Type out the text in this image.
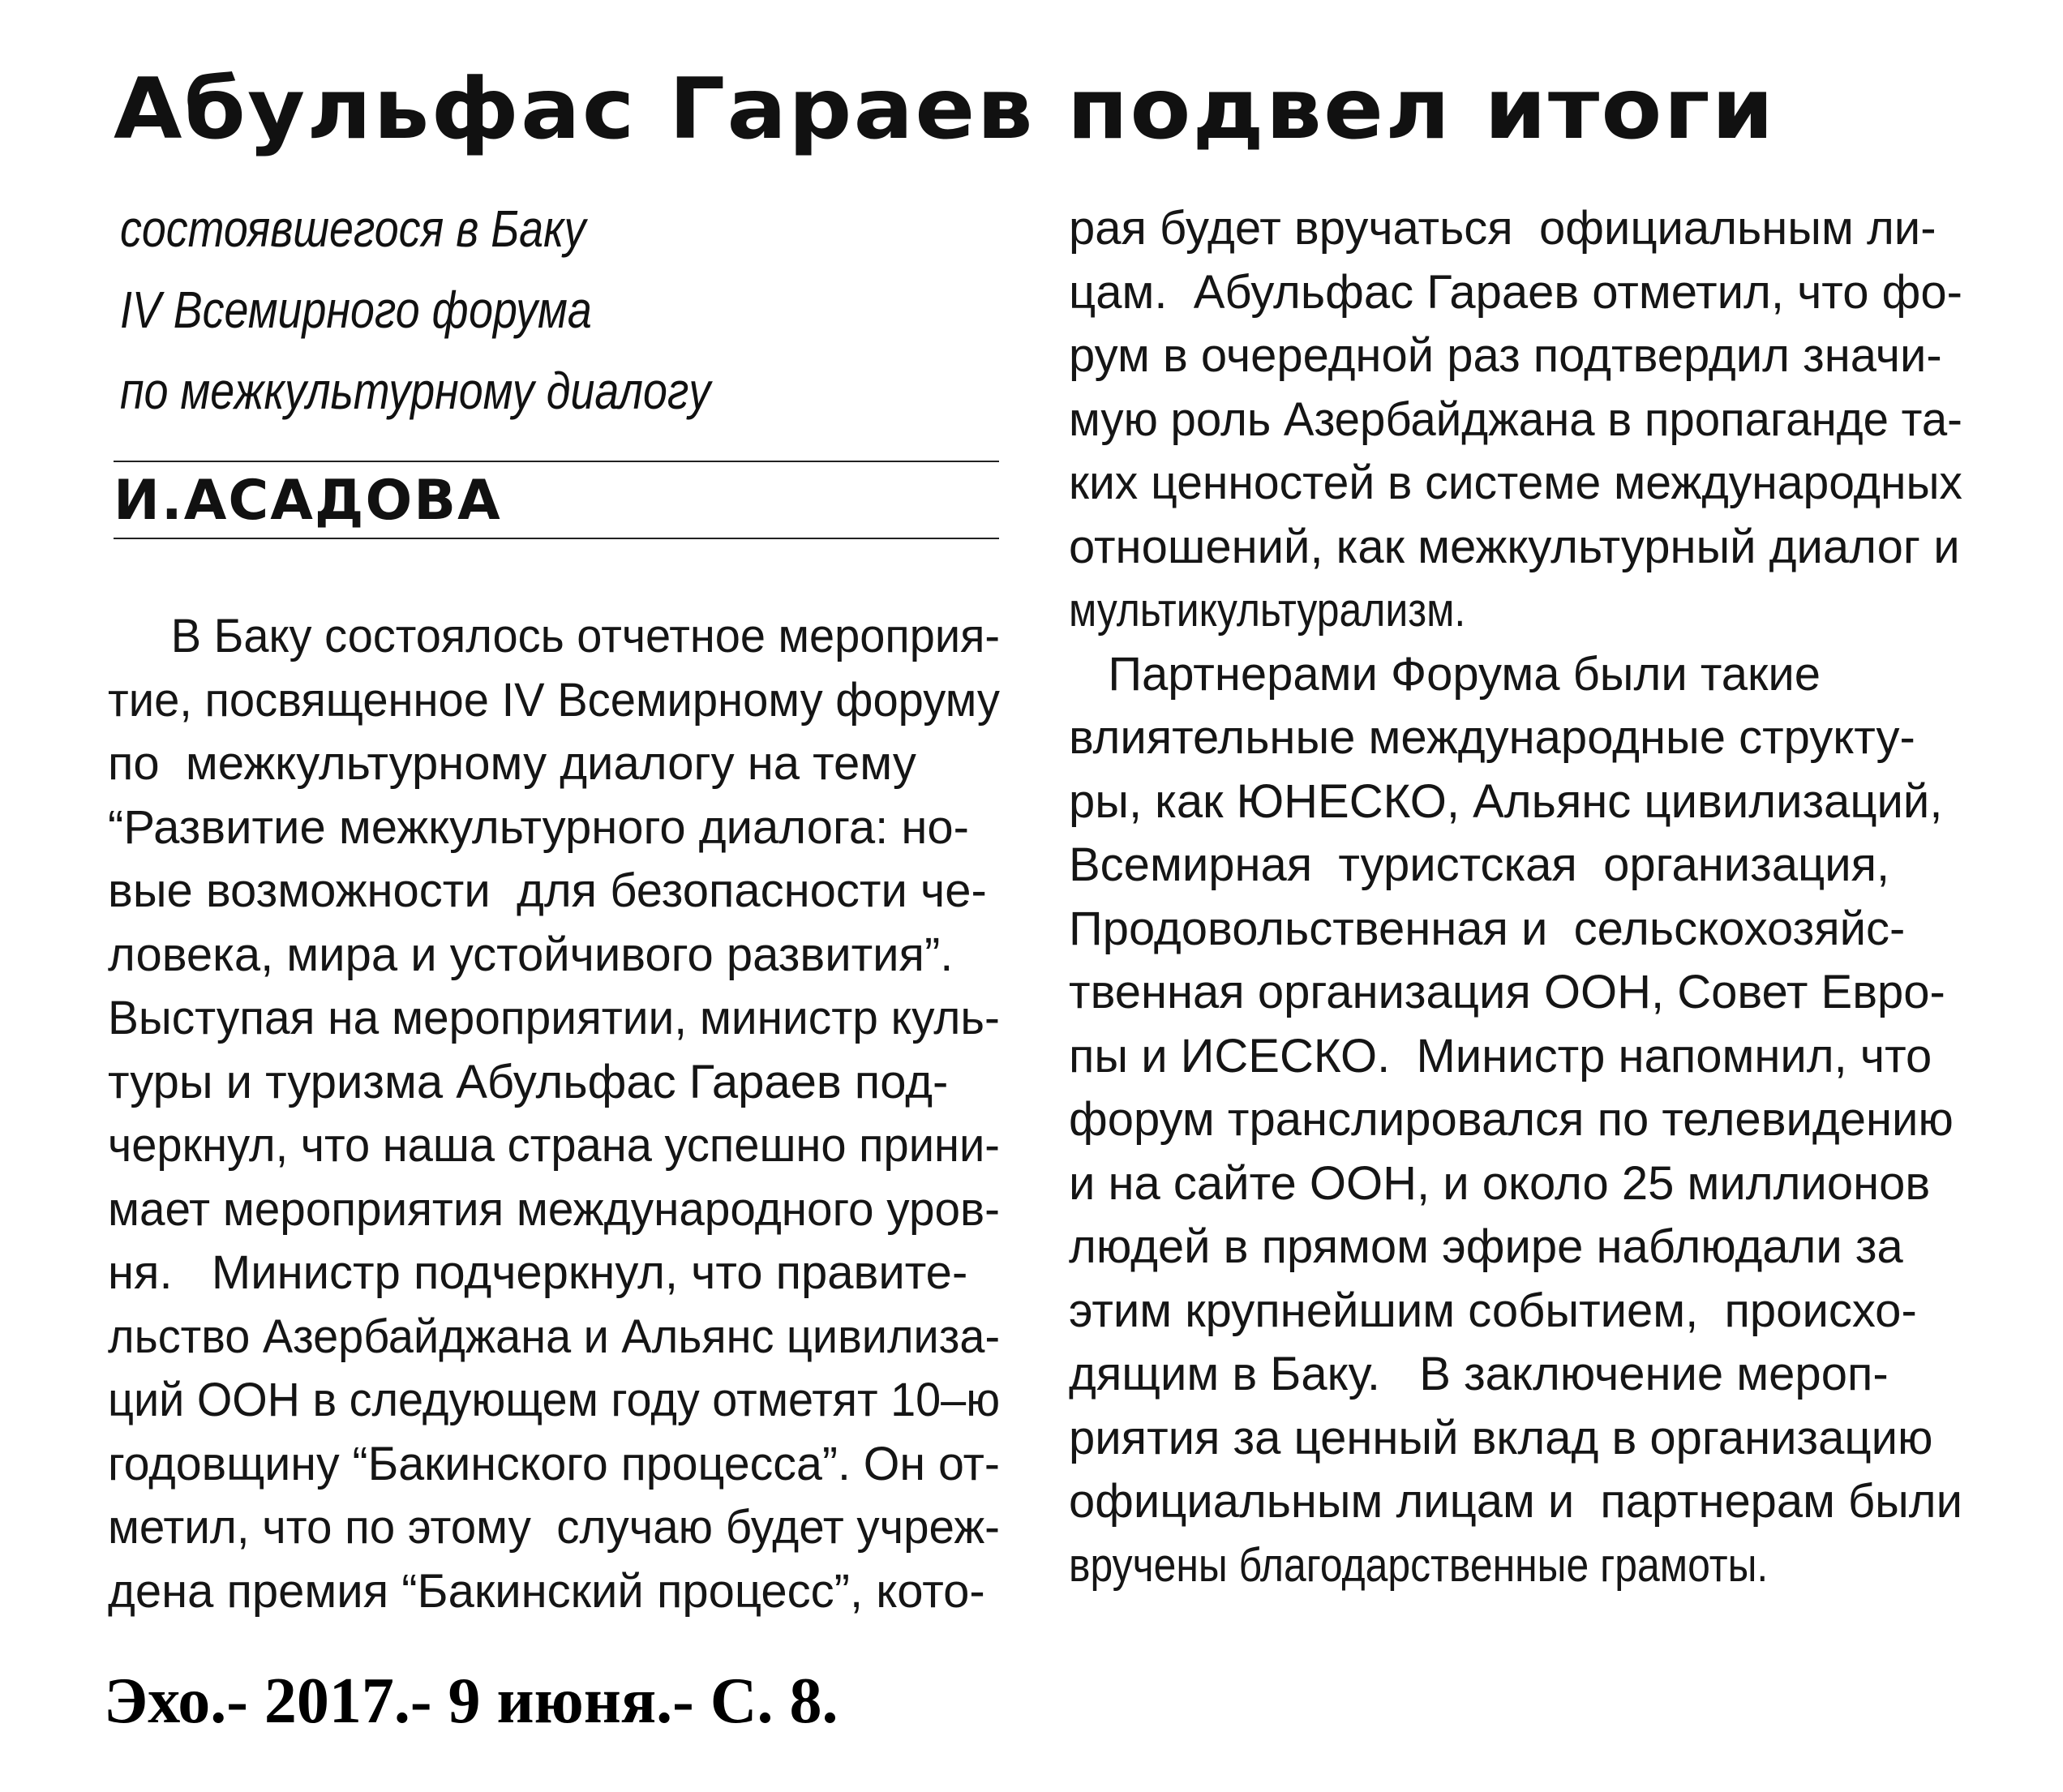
Абульфас Гараев подвел итоги
состоявшегося в Баку
IV Всемирного форума
по межкультурному диалогу
И.АСАДОВА
В Баку состоялось отчетное мероприя-
тие, посвященное IV Всемирному форуму
по  межкультурному диалогу на тему
“Развитие межкультурного диалога: но-
вые возможности  для безопасности че-
ловека, мира и устойчивого развития”.
Выступая на мероприятии, министр куль-
туры и туризма Абульфас Гараев под-
черкнул, что наша страна успешно прини-
мает мероприятия международного уров-
ня.   Министр подчеркнул, что правите-
льство Азербайджана и Альянс цивилиза-
ций ООН в следующем году отметят 10–ю
годовщину “Бакинского процесса”. Он от-
метил, что по этому  случаю будет учреж-
дена премия “Бакинский процесс”, кото-
рая будет вручаться  официальным ли-
цам.  Абульфас Гараев отметил, что фо-
рум в очередной раз подтвердил значи-
мую роль Азербайджана в пропаганде та-
ких ценностей в системе международных
отношений, как межкультурный диалог и
мультикультурализм.
Партнерами Форума были такие
влиятельные международные структу-
ры, как ЮНЕСКО, Альянс цивилизаций,
Всемирная  туристская  организация,
Продовольственная и  сельскохозяйс-
твенная организация ООН, Совет Евро-
пы и ИСЕСКО.  Министр напомнил, что
форум транслировался по телевидению
и на сайте ООН, и около 25 миллионов
людей в прямом эфире наблюдали за
этим крупнейшим событием,  происхо-
дящим в Баку.   В заключение мероп-
риятия за ценный вклад в организацию
официальным лицам и  партнерам были
вручены благодарственные грамоты.
Эхо.- 2017.- 9 июня.- С. 8.
